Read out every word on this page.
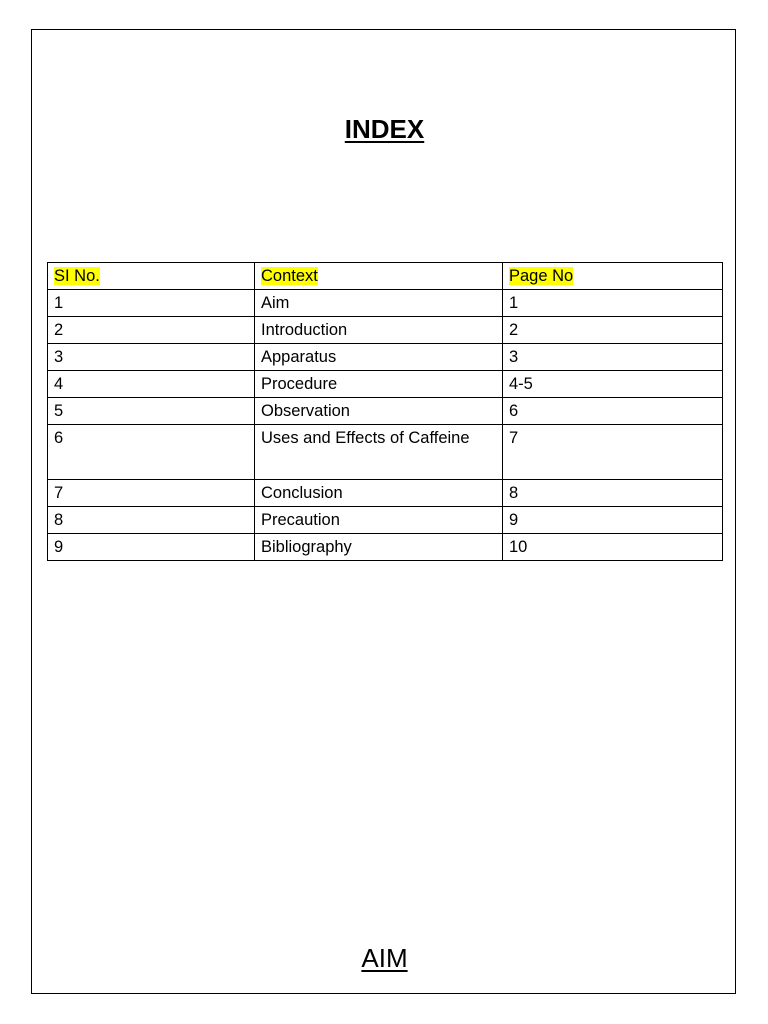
INDEX
SI No.	Context	Page No
1	Aim	1
2	Introduction	2
3	Apparatus	3
4	Procedure	4-5
5	Observation	6
6	Uses and Effects of Caffeine	7
7	Conclusion	8
8	Precaution	9
9	Bibliography	10
AIM
